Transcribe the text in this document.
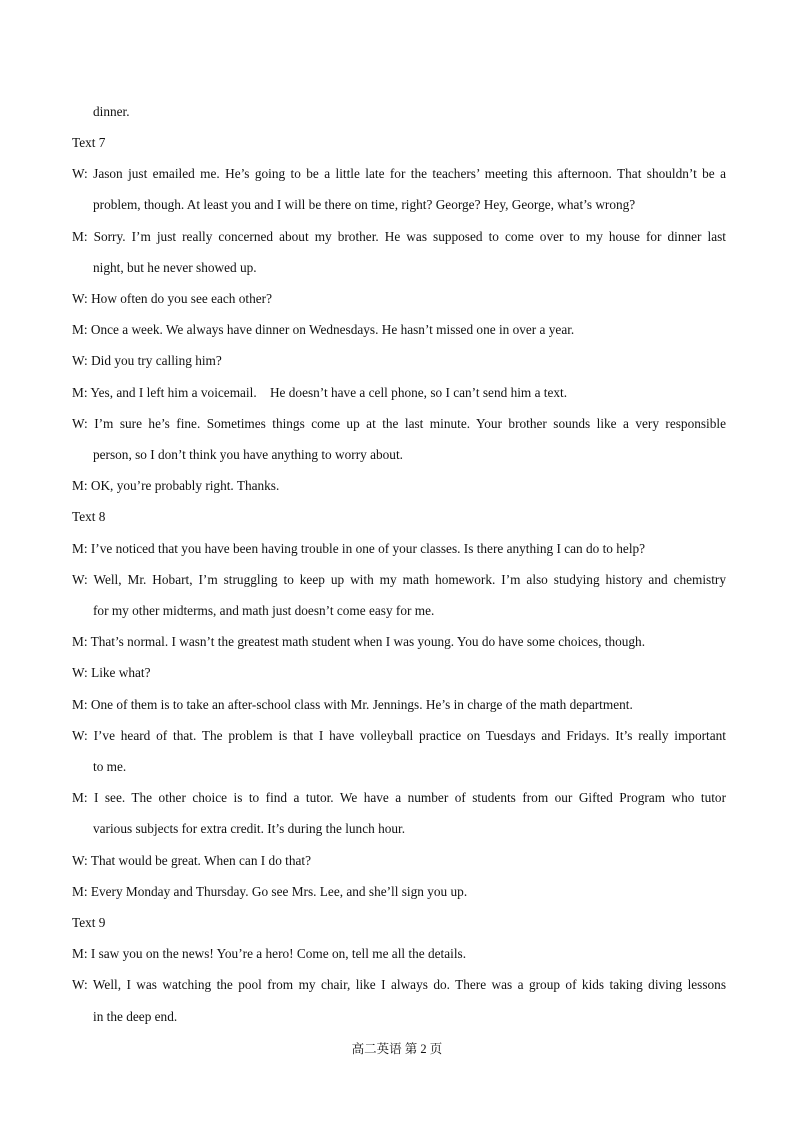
dinner.
Text 7
W: Jason just emailed me. He’s going to be a little late for the teachers’ meeting this afternoon. That shouldn’t be a
problem, though. At least you and I will be there on time, right? George? Hey, George, what’s wrong?
M: Sorry. I’m just really concerned about my brother. He was supposed to come over to my house for dinner last
night, but he never showed up.
W: How often do you see each other?
M: Once a week. We always have dinner on Wednesdays. He hasn’t missed one in over a year.
W: Did you try calling him?
M: Yes, and I left him a voicemail.    He doesn’t have a cell phone, so I can’t send him a text.
W: I’m sure he’s fine. Sometimes things come up at the last minute. Your brother sounds like a very responsible
person, so I don’t think you have anything to worry about.
M: OK, you’re probably right. Thanks.
Text 8
M: I’ve noticed that you have been having trouble in one of your classes. Is there anything I can do to help?
W: Well, Mr. Hobart, I’m struggling to keep up with my math homework. I’m also studying history and chemistry
for my other midterms, and math just doesn’t come easy for me.
M: That’s normal. I wasn’t the greatest math student when I was young. You do have some choices, though.
W: Like what?
M: One of them is to take an after-school class with Mr. Jennings. He’s in charge of the math department.
W: I’ve heard of that. The problem is that I have volleyball practice on Tuesdays and Fridays. It’s really important
to me.
M: I see. The other choice is to find a tutor. We have a number of students from our Gifted Program who tutor
various subjects for extra credit. It’s during the lunch hour.
W: That would be great. When can I do that?
M: Every Monday and Thursday. Go see Mrs. Lee, and she’ll sign you up.
Text 9
M: I saw you on the news! You’re a hero! Come on, tell me all the details.
W: Well, I was watching the pool from my chair, like I always do. There was a group of kids taking diving lessons
in the deep end.
高二英语 第 2 页
